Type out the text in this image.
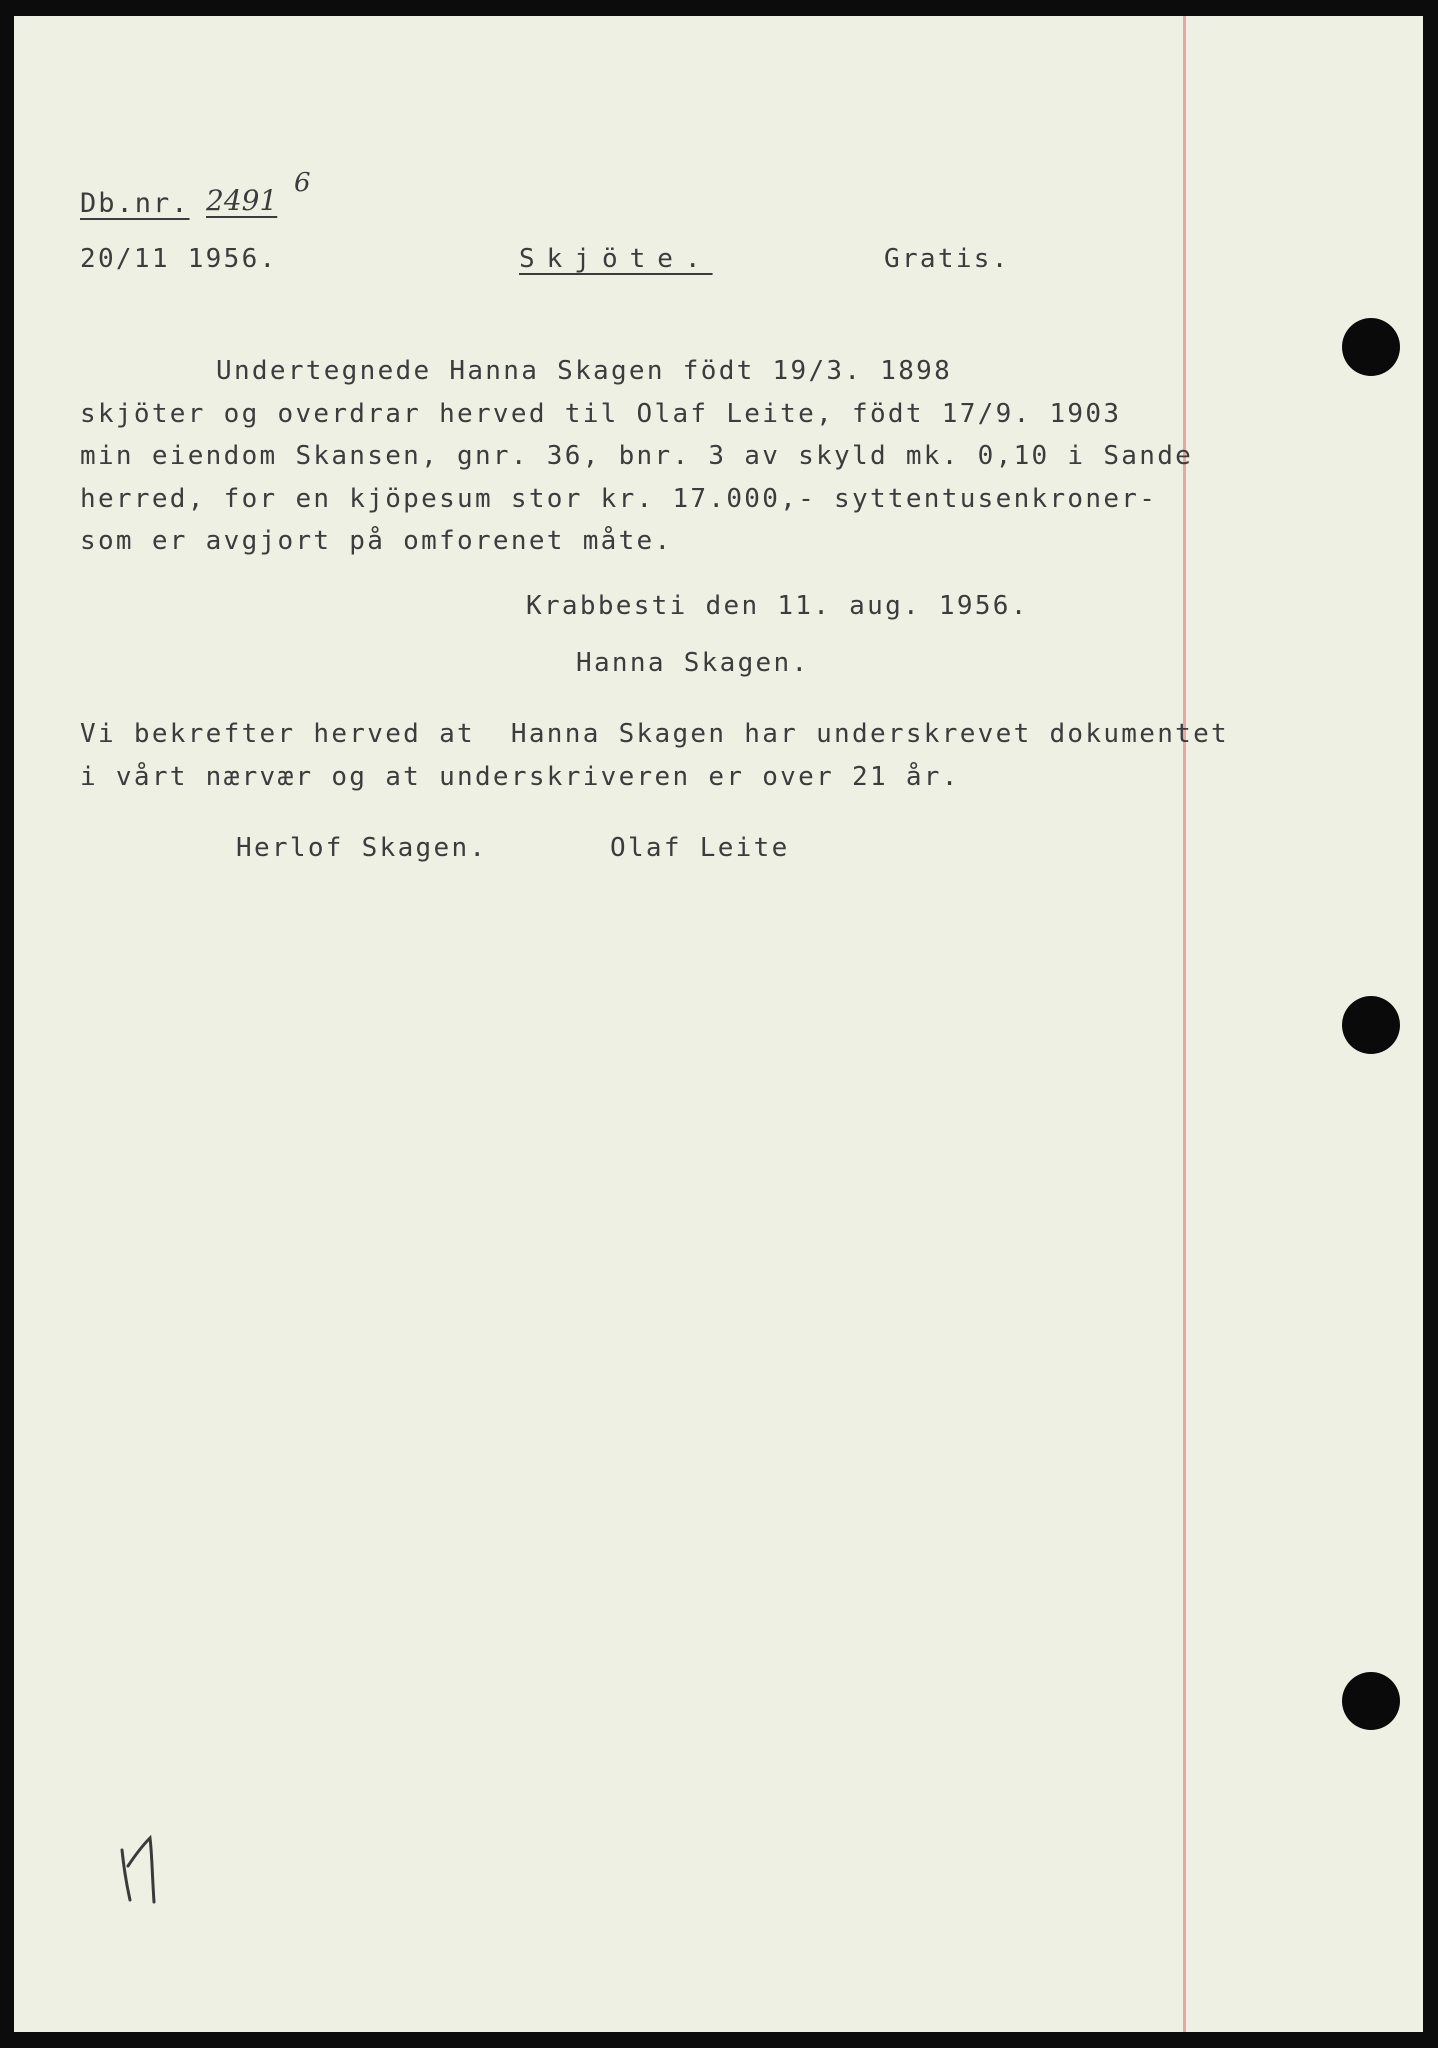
Db.nr. 2491
6
20/11 1956.	Skjöte.	Gratis.
Undertegnede Hanna Skagen födt 19/3. 1898
skjöter og overdrar herved til Olaf Leite, födt 17/9. 1903
min eiendom Skansen, gnr. 36, bnr. 3 av skyld mk. 0,10 i Sande
herred, for en kjöpesum stor kr. 17.000,- syttentusenkroner-
som er avgjort på omforenet måte.
Krabbesti den 11. aug. 1956.
Hanna Skagen.
Vi bekrefter herved at  Hanna Skagen har underskrevet dokumentet
i vårt nærvær og at underskriveren er over 21 år.
Herlof Skagen.	Olaf Leite
